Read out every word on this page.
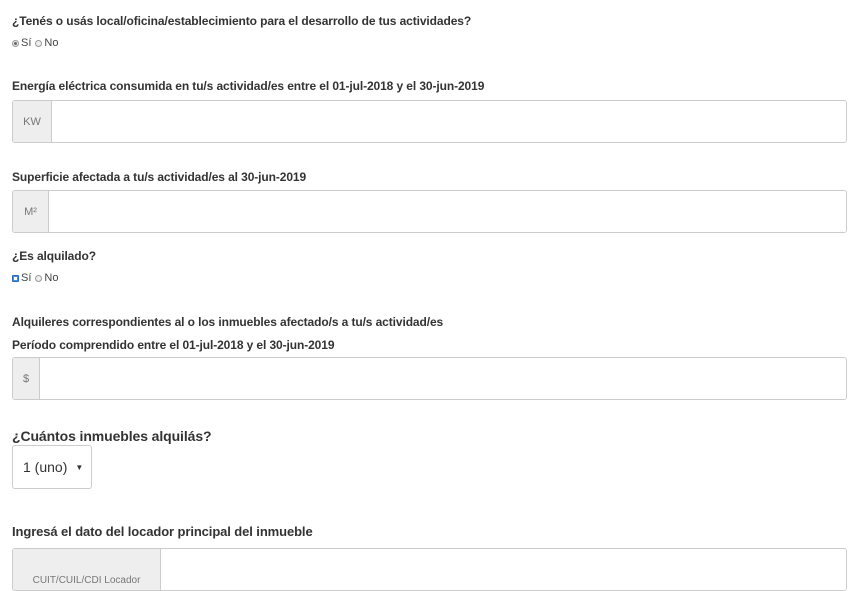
¿Tenés o usás local/oficina/establecimiento para el desarrollo de tus actividades?
Sí No
Energía eléctrica consumida en tu/s actividad/es entre el 01-jul-2018 y el 30-jun-2019
KW
Superficie afectada a tu/s actividad/es al 30-jun-2019
M²
¿Es alquilado?
Sí No
Alquileres correspondientes al o los inmuebles afectado/s a tu/s actividad/es
Período comprendido entre el 01-jul-2018 y el 30-jun-2019
$
¿Cuántos inmuebles alquilás?
1 (uno) ▼
Ingresá el dato del locador principal del inmueble
CUIT/CUIL/CDI Locador
